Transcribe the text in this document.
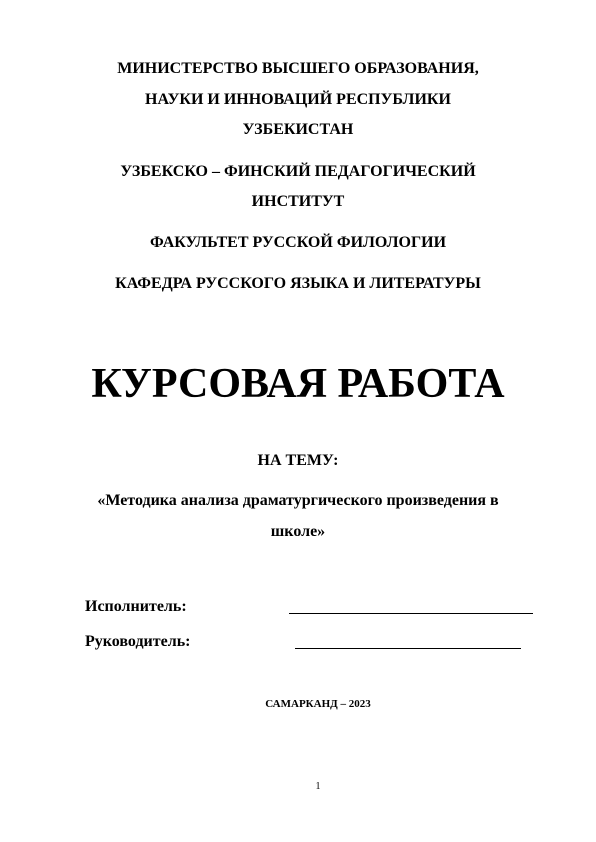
МИНИСТЕРСТВО ВЫСШЕГО ОБРАЗОВАНИЯ,
НАУКИ И ИННОВАЦИЙ РЕСПУБЛИКИ
УЗБЕКИСТАН
УЗБЕКСКО – ФИНСКИЙ ПЕДАГОГИЧЕСКИЙ
ИНСТИТУТ
ФАКУЛЬТЕТ РУССКОЙ ФИЛОЛОГИИ
КАФЕДРА РУССКОГО ЯЗЫКА И ЛИТЕРАТУРЫ
КУРСОВАЯ РАБОТА
НА ТЕМУ:
«Методика анализа драматургического произведения в
школе»
Исполнитель:
Руководитель:
САМАРКАНД – 2023
1
